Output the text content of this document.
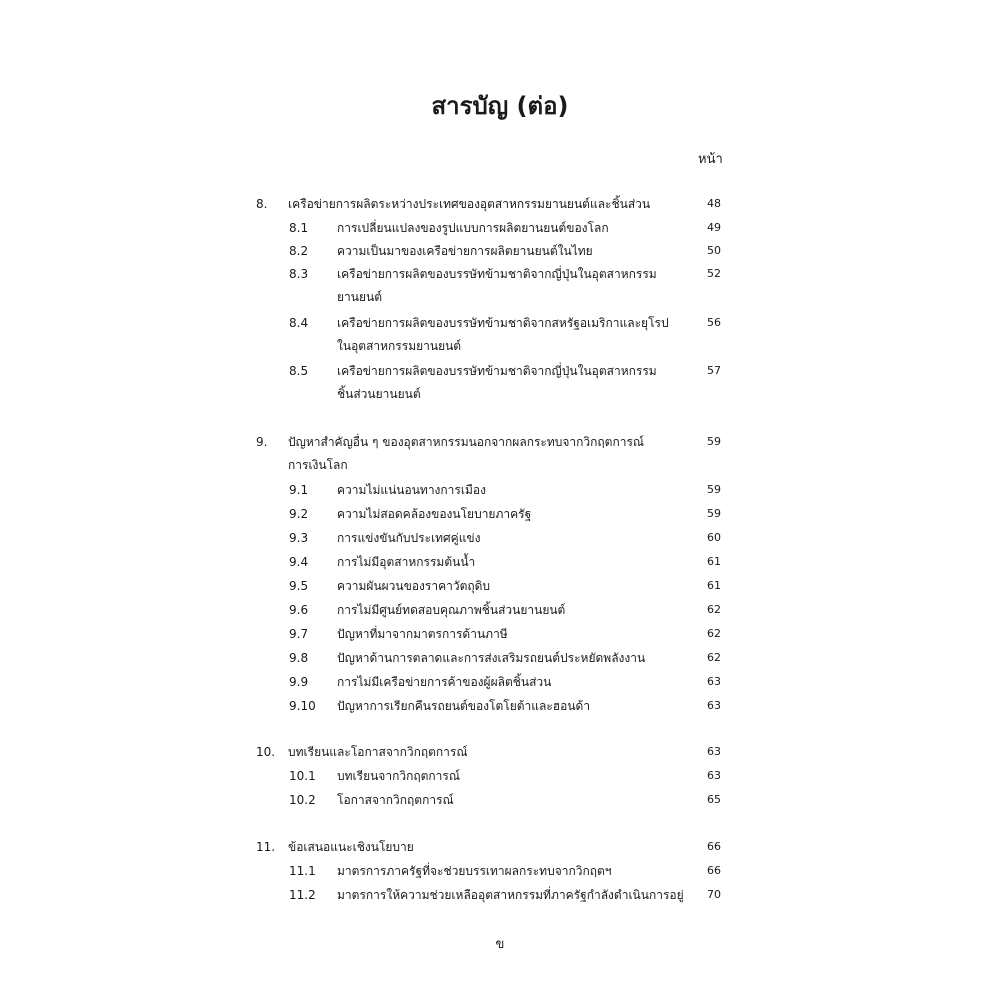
สารบัญ (ต่อ)
หน้า
8. เครือข่ายการผลิตระหว่างประเทศของอุตสาหกรรมยานยนต์และชิ้นส่วน	48
8.1 การเปลี่ยนแปลงของรูปแบบการผลิตยานยนต์ของโลก	49
8.2 ความเป็นมาของเครือข่ายการผลิตยานยนต์ในไทย	50
8.3 เครือข่ายการผลิตของบรรษัทข้ามชาติจากญี่ปุ่นในอุตสาหกรรม	52
ยานยนต์
8.4 เครือข่ายการผลิตของบรรษัทข้ามชาติจากสหรัฐอเมริกาและยุโรป	56
ในอุตสาหกรรมยานยนต์
8.5 เครือข่ายการผลิตของบรรษัทข้ามชาติจากญี่ปุ่นในอุตสาหกรรม	57
ชิ้นส่วนยานยนต์
9. ปัญหาสำคัญอื่น ๆ ของอุตสาหกรรมนอกจากผลกระทบจากวิกฤตการณ์	59
การเงินโลก
9.1 ความไม่แน่นอนทางการเมือง	59
9.2 ความไม่สอดคล้องของนโยบายภาครัฐ	59
9.3 การแข่งขันกับประเทศคู่แข่ง	60
9.4 การไม่มีอุตสาหกรรมต้นน้ำ	61
9.5 ความผันผวนของราคาวัตถุดิบ	61
9.6 การไม่มีศูนย์ทดสอบคุณภาพชิ้นส่วนยานยนต์	62
9.7 ปัญหาที่มาจากมาตรการด้านภาษี	62
9.8 ปัญหาด้านการตลาดและการส่งเสริมรถยนต์ประหยัดพลังงาน	62
9.9 การไม่มีเครือข่ายการค้าของผู้ผลิตชิ้นส่วน	63
9.10 ปัญหาการเรียกคืนรถยนต์ของโตโยต้าและฮอนด้า	63
10. บทเรียนและโอกาสจากวิกฤตการณ์	63
10.1 บทเรียนจากวิกฤตการณ์	63
10.2 โอกาสจากวิกฤตการณ์	65
11. ข้อเสนอแนะเชิงนโยบาย	66
11.1 มาตรการภาครัฐที่จะช่วยบรรเทาผลกระทบจากวิกฤตฯ	66
11.2 มาตรการให้ความช่วยเหลืออุตสาหกรรมที่ภาครัฐกำลังดำเนินการอยู่ 70
ข
